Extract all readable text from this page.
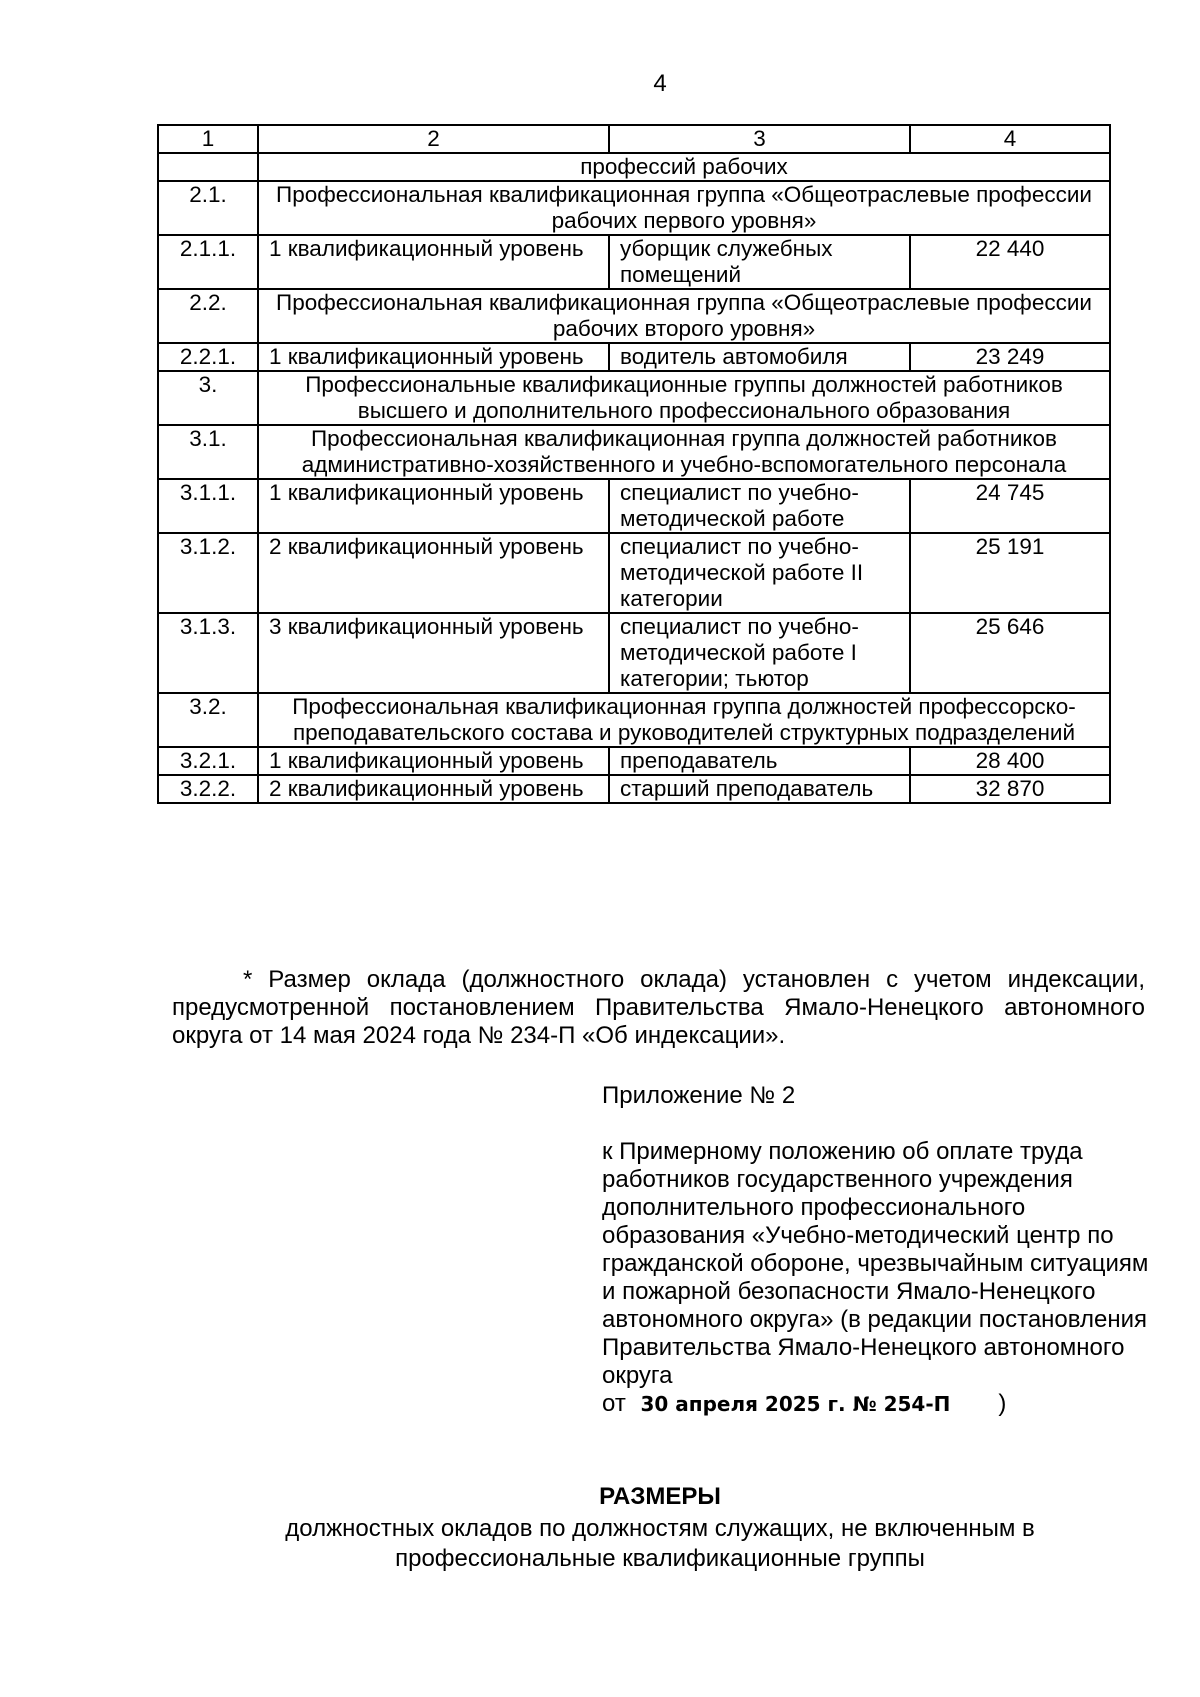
4
1	2	3	4
	профессий рабочих		
2.1.	Профессиональная квалификационная группа «Общеотраслевые профессии рабочих первого уровня»		
2.1.1.	1 квалификационный уровень	уборщик служебных помещений	22 440
2.2.	Профессиональная квалификационная группа «Общеотраслевые профессии рабочих второго уровня»		
2.2.1.	1 квалификационный уровень	водитель автомобиля	23 249
3.	Профессиональные квалификационные группы должностей работников высшего и дополнительного профессионального образования		
3.1.	Профессиональная квалификационная группа должностей работников административно-хозяйственного и учебно-вспомогательного персонала		
3.1.1.	1 квалификационный уровень	специалист по учебно-методической работе	24 745
3.1.2.	2 квалификационный уровень	специалист по учебно-методической работе II категории	25 191
3.1.3.	3 квалификационный уровень	специалист по учебно-методической работе I категории; тьютор	25 646
3.2.	Профессиональная квалификационная группа должностей профессорско-преподавательского состава и руководителей структурных подразделений		
3.2.1.	1 квалификационный уровень	преподаватель	28 400
3.2.2.	2 квалификационный уровень	старший преподаватель	32 870
* Размер оклада (должностного оклада) установлен с учетом индексации, предусмотренной постановлением Правительства Ямало-Ненецкого автономного округа от 14 мая 2024 года № 234-П «Об индексации».

Приложение № 2

к Примерному положению об оплате труда работников государственного учреждения дополнительного профессионального образования «Учебно-методический центр по гражданской обороне, чрезвычайным ситуациям и пожарной безопасности Ямало-Ненецкого автономного округа» (в редакции постановления Правительства Ямало-Ненецкого автономного округа
от 30 апреля 2025 г. № 254-П )

РАЗМЕРЫ
должностных окладов по должностям служащих, не включенным в профессиональные квалификационные группы
